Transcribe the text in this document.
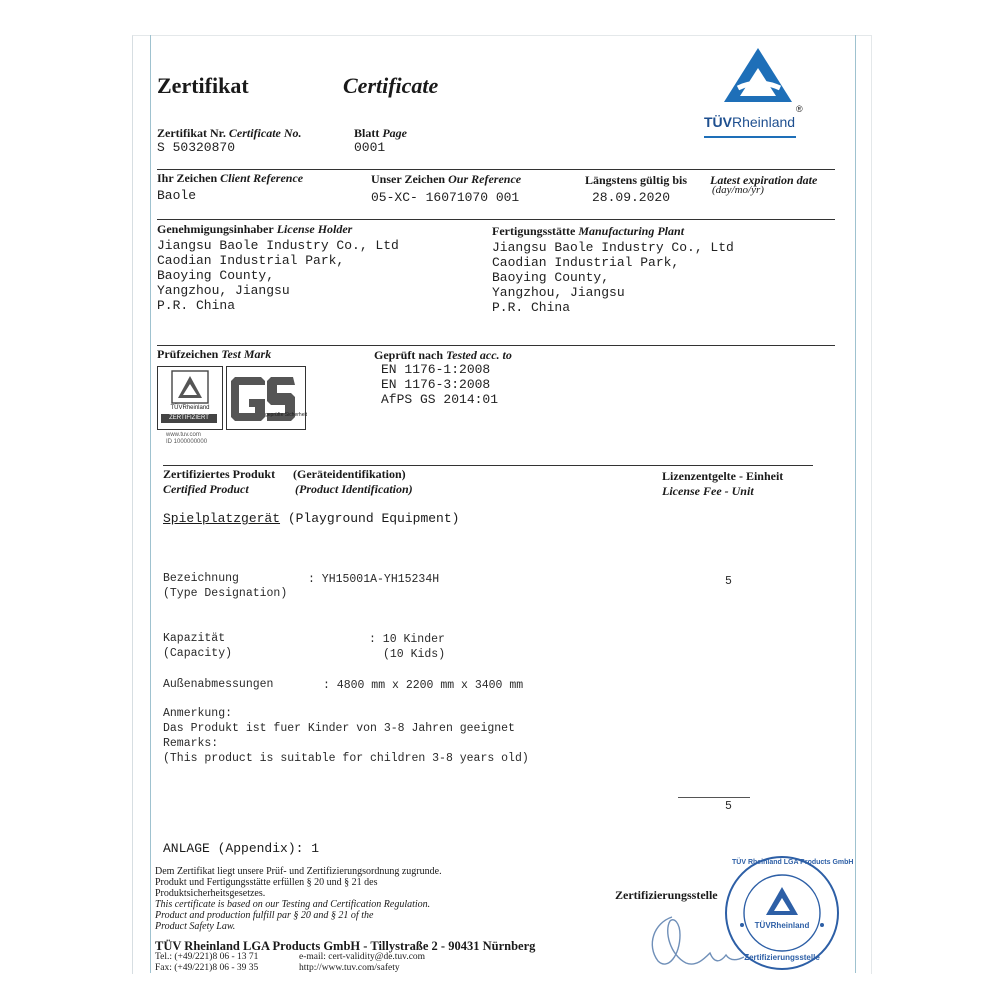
Zertifikat	Certificate
®
TÜVRheinland
Zertifikat Nr. Certificate No.
S 50320870
Blatt Page
0001
Ihr Zeichen Client Reference
Baole
Unser Zeichen Our Reference
05-XC- 16071070 001
Längstens gültig bis Latest expiration date
(day/mo/yr)
28.09.2020
Genehmigungsinhaber License Holder
Jiangsu Baole Industry Co., Ltd
Caodian Industrial Park,
Baoying County,
Yangzhou, Jiangsu
P.R. China
Fertigungsstätte Manufacturing Plant
Jiangsu Baole Industry Co., Ltd
Caodian Industrial Park,
Baoying County,
Yangzhou, Jiangsu
P.R. China
Prüfzeichen Test Mark
TÜVRheinland
ZERTIFIZIERT	geprüfte Sicherheit
www.tuv.com
ID 1000000000
Geprüft nach Tested acc. to
EN 1176-1:2008
EN 1176-3:2008
AfPS GS 2014:01
Zertifiziertes Produkt (Geräteidentifikation)
Certified Product	(Product Identification)
Lizenzentgelte - Einheit
License Fee - Unit
Spielplatzgerät (Playground Equipment)
Bezeichnung
(Type Designation)
: YH15001A-YH15234H	5
Kapazität
(Capacity)
: 10 Kinder
(10 Kids)
Außenabmessungen	: 4800 mm x 2200 mm x 3400 mm
Anmerkung:
Das Produkt ist fuer Kinder von 3-8 Jahren geeignet
Remarks:
(This product is suitable for children 3-8 years old)
5
ANLAGE (Appendix): 1
Dem Zertifikat liegt unsere Prüf- und Zertifizierungsordnung zugrunde.
Produkt und Fertigungsstätte erfüllen § 20 und § 21 des
Produktsicherheitsgesetzes.
This certificate is based on our Testing and Certification Regulation.
Product and production fulfill par § 20 and § 21 of the
Product Safety Law.
Zertifizierungsstelle
TÜVRheinland
TÜV Rheinland LGA Products GmbH
Zertifizierungsstelle
TÜV Rheinland LGA Products GmbH - Tillystraße 2 - 90431 Nürnberg
Tel.: (+49/221)8 06 - 13 71	e-mail: cert-validity@de.tuv.com
Fax: (+49/221)8 06 - 39 35	http://www.tuv.com/safety
